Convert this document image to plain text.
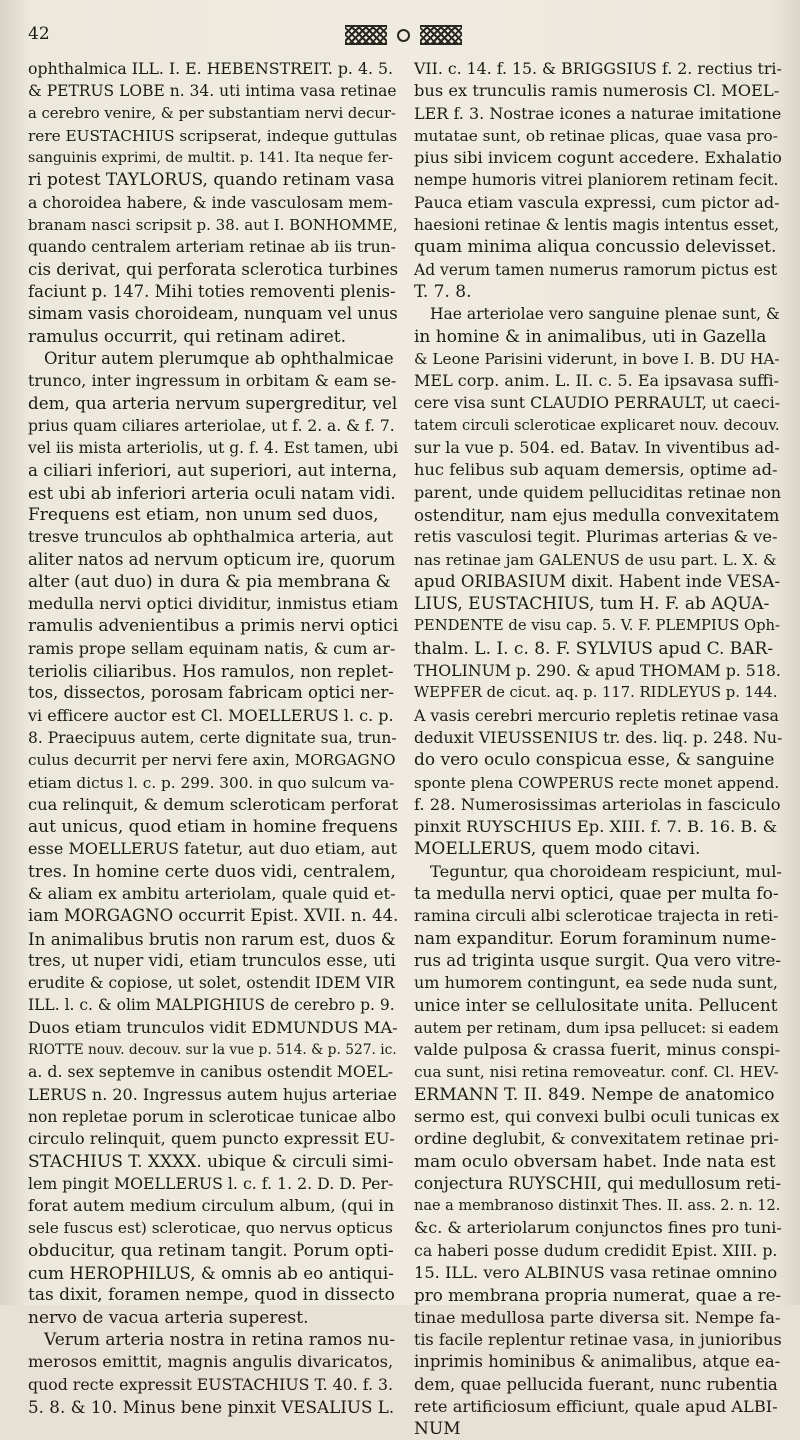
42
ophthalmica ILL. I. E. HEBENSTREIT. p. 4. 5.
& PETRUS LOBE n. 34. uti intima vasa retinae
a cerebro venire, & per substantiam nervi decur-
rere EUSTACHIUS scripserat, indeque guttulas
sanguinis exprimi, de multit. p. 141. Ita neque fer-
ri potest TAYLORUS, quando retinam vasa
a choroidea habere, & inde vasculosam mem-
branam nasci scripsit p. 38. aut I. BONHOMME,
quando centralem arteriam retinae ab iis trun-
cis derivat, qui perforata sclerotica turbines
faciunt p. 147. Mihi toties removenti plenis-
simam vasis choroideam, nunquam vel unus
ramulus occurrit, qui retinam adiret.
Oritur autem plerumque ab ophthalmicae
trunco, inter ingressum in orbitam & eam se-
dem, qua arteria nervum supergreditur, vel
prius quam ciliares arteriolae, ut f. 2. a. & f. 7.
vel iis mista arteriolis, ut g. f. 4. Est tamen, ubi
a ciliari inferiori, aut superiori, aut interna,
est ubi ab inferiori arteria oculi natam vidi.
Frequens est etiam, non unum sed duos,
tresve trunculos ab ophthalmica arteria, aut
aliter natos ad nervum opticum ire, quorum
alter (aut duo) in dura & pia membrana &
medulla nervi optici dividitur, inmistus etiam
ramulis advenientibus a primis nervi optici
ramis prope sellam equinam natis, & cum ar-
teriolis ciliaribus. Hos ramulos, non replet-
tos, dissectos, porosam fabricam optici ner-
vi efficere auctor est Cl. MOELLERUS l. c. p.
8. Praecipuus autem, certe dignitate sua, trun-
culus decurrit per nervi fere axin, MORGAGNO
etiam dictus l. c. p. 299. 300. in quo sulcum va-
cua relinquit, & demum scleroticam perforat
aut unicus, quod etiam in homine frequens
esse MOELLERUS fatetur, aut duo etiam, aut
tres. In homine certe duos vidi, centralem,
& aliam ex ambitu arteriolam, quale quid et-
iam MORGAGNO occurrit Epist. XVII. n. 44.
In animalibus brutis non rarum est, duos &
tres, ut nuper vidi, etiam trunculos esse, uti
erudite & copiose, ut solet, ostendit IDEM VIR
ILL. l. c. & olim MALPIGHIUS de cerebro p. 9.
Duos etiam trunculos vidit EDMUNDUS MA-
RIOTTE nouv. decouv. sur la vue p. 514. & p. 527. ic.
a. d. sex septemve in canibus ostendit MOEL-
LERUS n. 20. Ingressus autem hujus arteriae
non repletae porum in scleroticae tunicae albo
circulo relinquit, quem puncto expressit EU-
STACHIUS T. XXXX. ubique & circuli simi-
lem pingit MOELLERUS l. c. f. 1. 2. D. D. Per-
forat autem medium circulum album, (qui in
sele fuscus est) scleroticae, quo nervus opticus
obducitur, qua retinam tangit. Porum opti-
cum HEROPHILUS, & omnis ab eo antiqui-
tas dixit, foramen nempe, quod in dissecto
nervo de vacua arteria superest.
Verum arteria nostra in retina ramos nu-
merosos emittit, magnis angulis divaricatos,
quod recte expressit EUSTACHIUS T. 40. f. 3.
5. 8. & 10. Minus bene pinxit VESALIUS L.
VII. c. 14. f. 15. & BRIGGSIUS f. 2. rectius tri-
bus ex trunculis ramis numerosis Cl. MOEL-
LER f. 3. Nostrae icones a naturae imitatione
mutatae sunt, ob retinae plicas, quae vasa pro-
pius sibi invicem cogunt accedere. Exhalatio
nempe humoris vitrei planiorem retinam fecit.
Pauca etiam vascula expressi, cum pictor ad-
haesioni retinae & lentis magis intentus esset,
quam minima aliqua concussio delevisset.
Ad verum tamen numerus ramorum pictus est
T. 7. 8.
Hae arteriolae vero sanguine plenae sunt, &
in homine & in animalibus, uti in Gazella
& Leone Parisini viderunt, in bove I. B. DU HA-
MEL corp. anim. L. II. c. 5. Ea ipsavasa suffi-
cere visa sunt CLAUDIO PERRAULT, ut caeci-
tatem circuli scleroticae explicaret nouv. decouv.
sur la vue p. 504. ed. Batav. In viventibus ad-
huc felibus sub aquam demersis, optime ad-
parent, unde quidem pelluciditas retinae non
ostenditur, nam ejus medulla convexitatem
retis vasculosi tegit. Plurimas arterias & ve-
nas retinae jam GALENUS de usu part. L. X. &
apud ORIBASIUM dixit. Habent inde VESA-
LIUS, EUSTACHIUS, tum H. F. ab AQUA-
PENDENTE de visu cap. 5. V. F. PLEMPIUS Oph-
thalm. L. I. c. 8. F. SYLVIUS apud C. BAR-
THOLINUM p. 290. & apud THOMAM p. 518.
WEPFER de cicut. aq. p. 117. RIDLEYUS p. 144.
A vasis cerebri mercurio repletis retinae vasa
deduxit VIEUSSENIUS tr. des. liq. p. 248. Nu-
do vero oculo conspicua esse, & sanguine
sponte plena COWPERUS recte monet append.
f. 28. Numerosissimas arteriolas in fasciculo
pinxit RUYSCHIUS Ep. XIII. f. 7. B. 16. B. &
MOELLERUS, quem modo citavi.
Teguntur, qua choroideam respiciunt, mul-
ta medulla nervi optici, quae per multa fo-
ramina circuli albi scleroticae trajecta in reti-
nam expanditur. Eorum foraminum nume-
rus ad triginta usque surgit. Qua vero vitre-
um humorem contingunt, ea sede nuda sunt,
unice inter se cellulositate unita. Pellucent
autem per retinam, dum ipsa pellucet: si eadem
valde pulposa & crassa fuerit, minus conspi-
cua sunt, nisi retina removeatur. conf. Cl. HEV-
ERMANN T. II. 849. Nempe de anatomico
sermo est, qui convexi bulbi oculi tunicas ex
ordine deglubit, & convexitatem retinae pri-
mam oculo obversam habet. Inde nata est
conjectura RUYSCHII, qui medullosum reti-
nae a membranoso distinxit Thes. II. ass. 2. n. 12.
&c. & arteriolarum conjunctos fines pro tuni-
ca haberi posse dudum credidit Epist. XIII. p.
15. ILL. vero ALBINUS vasa retinae omnino
pro membrana propria numerat, quae a re-
tinae medullosa parte diversa sit. Nempe fa-
tis facile replentur retinae vasa, in junioribus
inprimis hominibus & animalibus, atque ea-
dem, quae pellucida fuerant, nunc rubentia
rete artificiosum efficiunt, quale apud ALBI-
NUM
